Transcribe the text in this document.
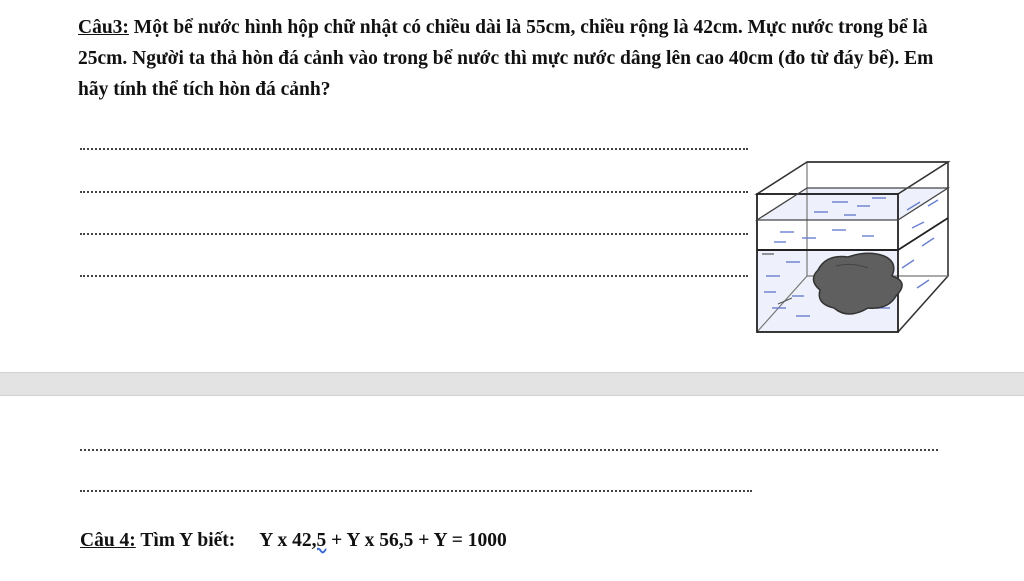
Câu3: Một bể nước hình hộp chữ nhật có chiều dài là 55cm, chiều rộng là 42cm. Mực nước trong bể là 25cm. Người ta thả hòn đá cảnh vào trong bể nước thì mực nước dâng lên cao 40cm (đo từ đáy bể). Em hãy tính thể tích hòn đá cảnh?

Câu 4: Tìm Y biết: Y x 42,5 + Y x 56,5 + Y = 1000
